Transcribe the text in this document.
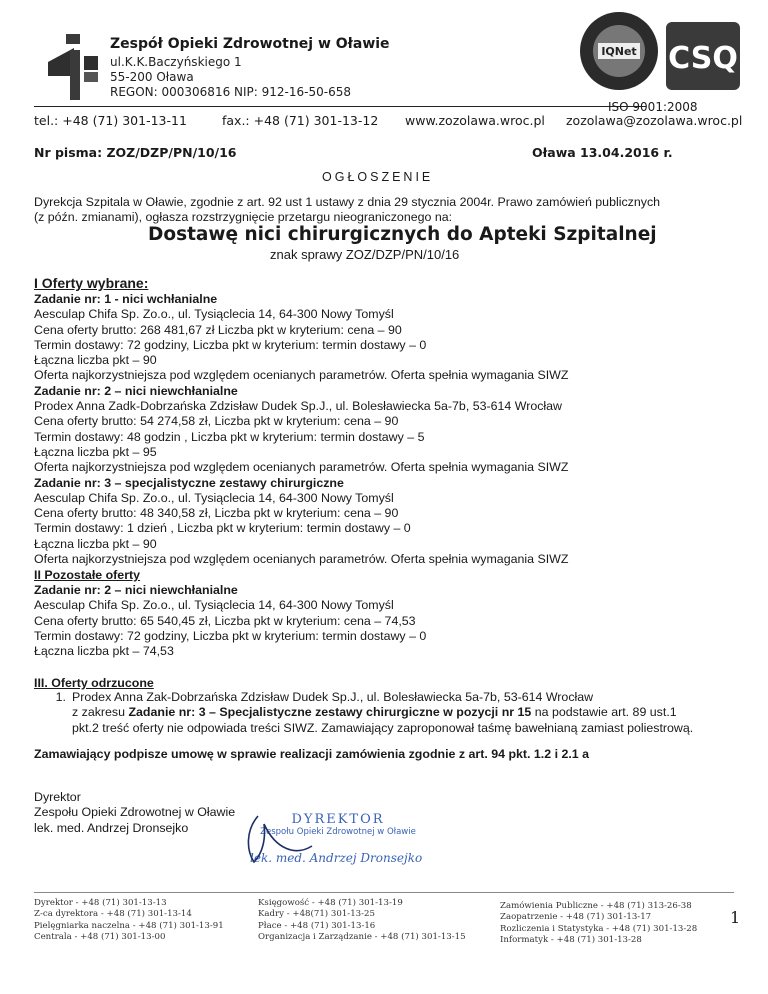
Zespół Opieki Zdrowotnej w Oławie
ul.K.K.Baczyńskiego 1
55-200 Oława
REGON: 000306816 NIP: 912-16-50-658
IQNet CSQ
ISO 9001:2008
tel.: +48 (71) 301-13-11	fax.: +48 (71) 301-13-12 www.zozolawa.wroc.pl zozolawa@zozolawa.wroc.pl
Nr pisma: ZOZ/DZP/PN/10/16	Oława 13.04.2016 r.
OGŁOSZENIE
Dyrekcja Szpitala w Oławie, zgodnie z art. 92 ust 1 ustawy z dnia 29 stycznia 2004r. Prawo zamówień publicznych
(z późn. zmianami), ogłasza rozstrzygnięcie przetargu nieograniczonego na:
Dostawę nici chirurgicznych do Apteki Szpitalnej
znak sprawy ZOZ/DZP/PN/10/16
I Oferty wybrane:
Zadanie nr: 1 - nici wchłanialne
Aesculap Chifa Sp. Zo.o., ul. Tysiąclecia 14, 64-300 Nowy Tomyśl
Cena oferty brutto: 268 481,67 zł Liczba pkt w kryterium: cena – 90
Termin dostawy: 72 godziny, Liczba pkt w kryterium: termin dostawy – 0
Łączna liczba pkt – 90
Oferta najkorzystniejsza pod względem ocenianych parametrów. Oferta spełnia wymagania SIWZ
Zadanie nr: 2 – nici niewchłanialne
Prodex Anna Zadk-Dobrzańska Zdzisław Dudek Sp.J., ul. Bolesławiecka 5a-7b, 53-614 Wrocław
Cena oferty brutto: 54 274,58 zł, Liczba pkt w kryterium: cena – 90
Termin dostawy: 48 godzin , Liczba pkt w kryterium: termin dostawy – 5
Łączna liczba pkt – 95
Oferta najkorzystniejsza pod względem ocenianych parametrów. Oferta spełnia wymagania SIWZ
Zadanie nr: 3 – specjalistyczne zestawy chirurgiczne
Aesculap Chifa Sp. Zo.o., ul. Tysiąclecia 14, 64-300 Nowy Tomyśl
Cena oferty brutto: 48 340,58 zł, Liczba pkt w kryterium: cena – 90
Termin dostawy: 1 dzień , Liczba pkt w kryterium: termin dostawy – 0
Łączna liczba pkt – 90
Oferta najkorzystniejsza pod względem ocenianych parametrów. Oferta spełnia wymagania SIWZ
II Pozostałe oferty
Zadanie nr: 2 – nici niewchłanialne
Aesculap Chifa Sp. Zo.o., ul. Tysiąclecia 14, 64-300 Nowy Tomyśl
Cena oferty brutto: 65 540,45 zł, Liczba pkt w kryterium: cena – 74,53
Termin dostawy: 72 godziny, Liczba pkt w kryterium: termin dostawy – 0
Łączna liczba pkt – 74,53
III. Oferty odrzucone
1. Prodex Anna Zak-Dobrzańska Zdzisław Dudek Sp.J., ul. Bolesławiecka 5a-7b, 53-614 Wrocław
z zakresu Zadanie nr: 3 – Specjalistyczne zestawy chirurgiczne w pozycji nr 15 na podstawie art. 89 ust.1
pkt.2 treść oferty nie odpowiada treści SIWZ. Zamawiający zaproponował taśmę bawełnianą zamiast poliestrową.
Zamawiający podpisze umowę w sprawie realizacji zamówienia zgodnie z art. 94 pkt. 1.2 i 2.1 a
Dyrektor
Zespołu Opieki Zdrowotnej w Oławie
lek. med. Andrzej Dronsejko
DYREKTOR
Zespołu Opieki Zdrowotnej w Oławie
lek. med. Andrzej Dronsejko
Dyrektor - +48 (71) 301-13-13
Z-ca dyrektora - +48 (71) 301-13-14
Pielęgniarka naczelna - +48 (71) 301-13-91
Centrala - +48 (71) 301-13-00
Księgowość - +48 (71) 301-13-19
Kadry - +48(71) 301-13-25
Płace - +48 (71) 301-13-16
Organizacja i Zarządzanie - +48 (71) 301-13-15
Zamówienia Publiczne - +48 (71) 313-26-38
Zaopatrzenie - +48 (71) 301-13-17
Rozliczenia i Statystyka - +48 (71) 301-13-28
Informatyk - +48 (71) 301-13-28
1
